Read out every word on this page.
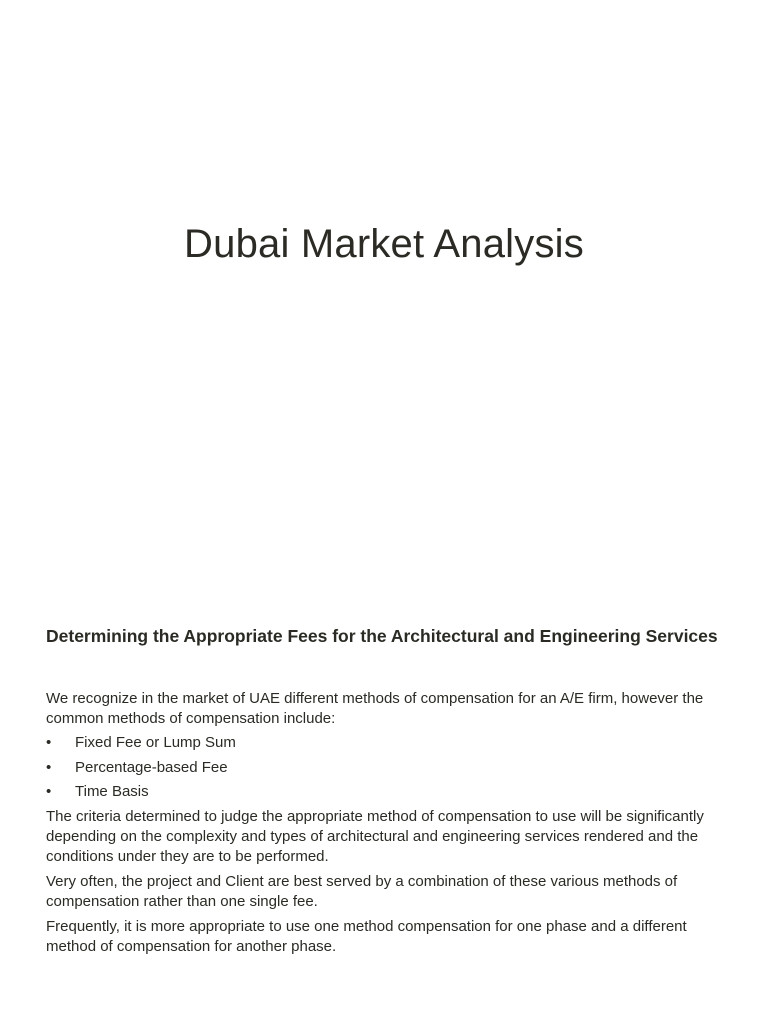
Dubai Market Analysis
Determining the Appropriate Fees for the Architectural and Engineering Services

We recognize in the market of UAE different methods of compensation for an A/E firm, however the common methods of compensation include:

•	Fixed Fee or Lump Sum
•	Percentage-based Fee
•	Time Basis

The criteria determined to judge the appropriate method of compensation to use will be significantly depending on the complexity and types of architectural and engineering services rendered and the conditions under they are to be performed.

Very often, the project and Client are best served by a combination of these various methods of compensation rather than one single fee.

Frequently, it is more appropriate to use one method compensation for one phase and a different method of compensation for another phase.
